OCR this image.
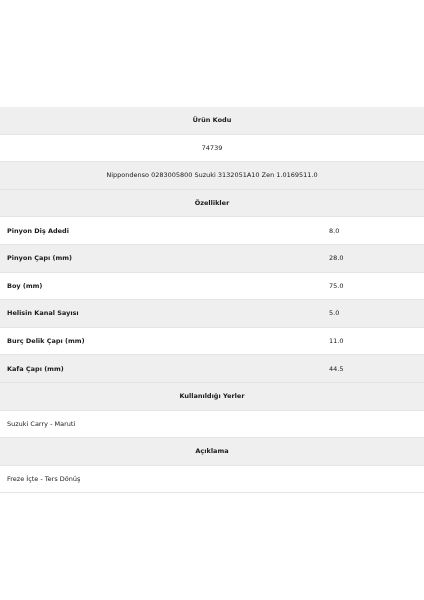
Ürün Kodu
74739
Nippondenso 0283005800 Suzuki 3132051A10 Zen 1.0169511.0
Özellikler
Pinyon Diş Adedi	8.0
Pinyon Çapı (mm)	28.0
Boy (mm)	75.0
Helisin Kanal Sayısı	5.0
Burç Delik Çapı (mm)	11.0
Kafa Çapı (mm)	44.5
Kullanıldığı Yerler
Suzuki Carry - Maruti
Açıklama
Freze İçte - Ters Dönüş
